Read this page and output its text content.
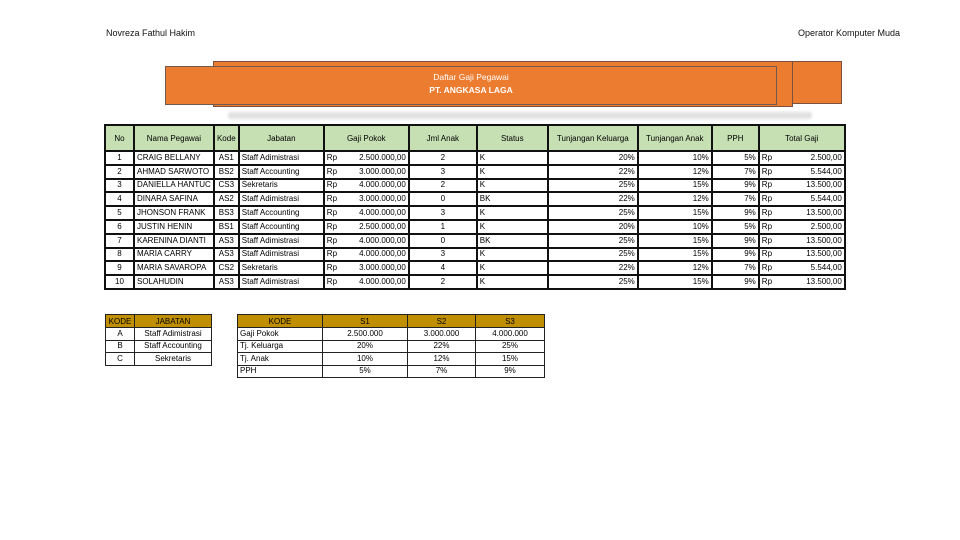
Novreza Fathul Hakim	Operator Komputer Muda
Daftar Gaji Pegawai
PT. ANGKASA LAGA
No	Nama Pegawai	Kode	Jabatan	Gaji Pokok	Jml Anak	Status	Tunjangan Keluarga	Tunjangan Anak	PPH	Total Gaji
1	CRAIG BELLANY	AS1	Staff Adimistrasi	Rp 2.500.000,00	2	K	20%	10%	5%	Rp 2.500,00

2	AHMAD SARWOTO	BS2	Staff Accounting	Rp 3.000.000,00	3	K	22%	12%	7%	Rp 5.544,00

3	DANIELLA HANTUC	CS3	Sekretaris	Rp 4.000.000,00	2	K	25%	15%	9%	Rp 13.500,00

4	DINARA SAFINA	AS2	Staff Adimistrasi	Rp 3.000.000,00	0	BK	22%	12%	7%	Rp 5.544,00

5	JHONSON FRANK	BS3	Staff Accounting	Rp 4.000.000,00	3	K	25%	15%	9%	Rp 13.500,00

6	JUSTIN HENIN	BS1	Staff Accounting	Rp 2.500.000,00	1	K	20%	10%	5%	Rp 2.500,00

7	KARENINA DIANTI	AS3	Staff Adimistrasi	Rp 4.000.000,00	0	BK	25%	15%	9%	Rp 13.500,00

8	MARIA CARRY	AS3	Staff Adimistrasi	Rp 4.000.000,00	3	K	25%	15%	9%	Rp 13.500,00

9	MARIA SAVAROPA	CS2	Sekretaris	Rp 3.000.000,00	4	K	22%	12%	7%	Rp 5.544,00

10	SOLAHUDIN	AS3	Staff Adimistrasi	Rp 4.000.000,00	2	K	25%	15%	9%	Rp 13.500,00
KODE	JABATAN
A	Staff Adimistrasi
B	Staff Accounting
C	Sekretaris
KODE	S1	S2	S3
Gaji Pokok	2.500.000	3.000.000	4.000.000
Tj. Keluarga	20%	22%	25%
Tj. Anak	10%	12%	15%
PPH	5%	7%	9%
